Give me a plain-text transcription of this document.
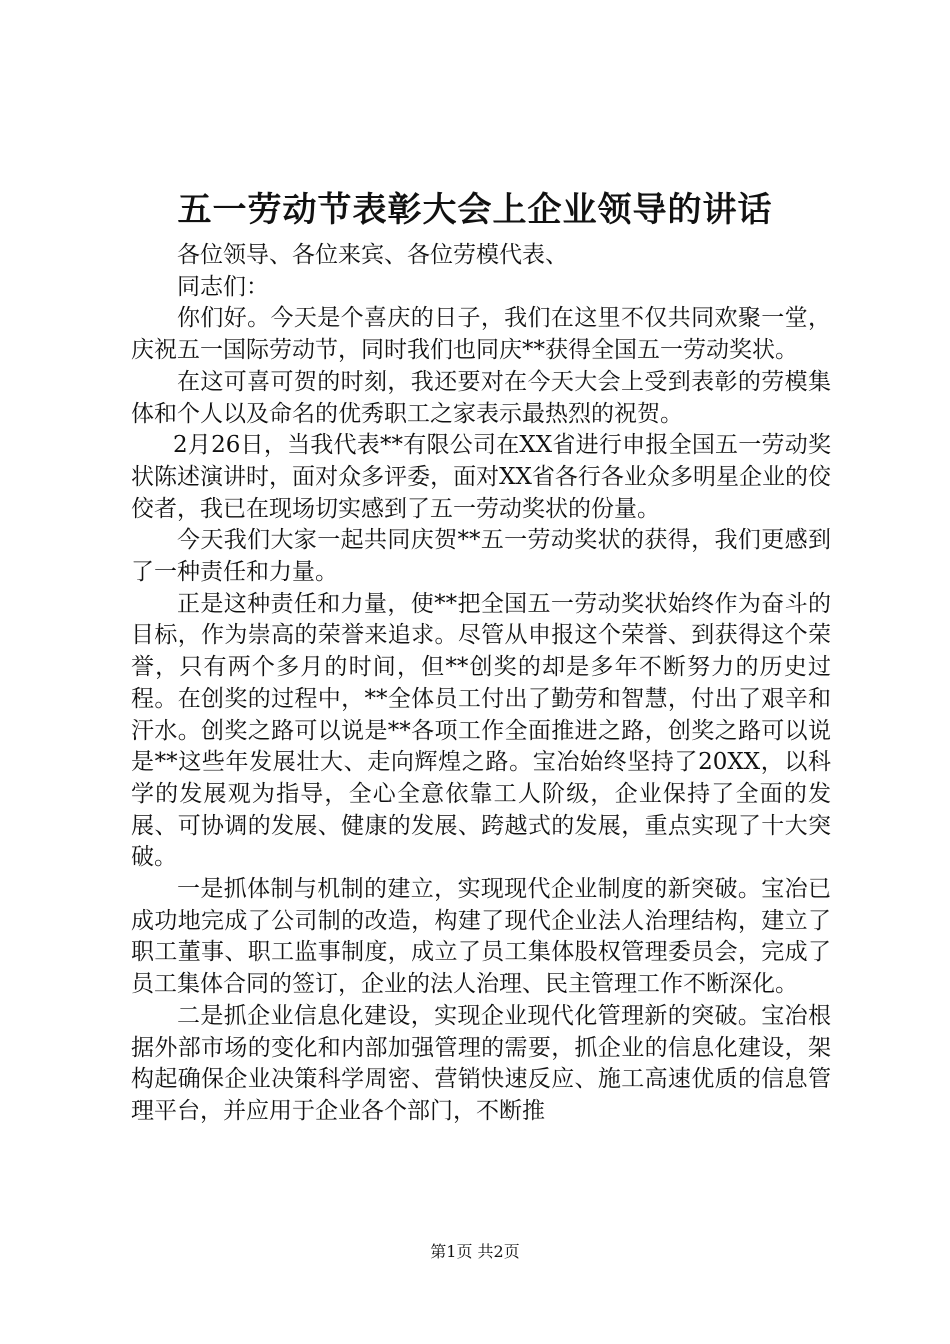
五一劳动节表彰大会上企业领导的讲话

各位领导、各位来宾、各位劳模代表、

同志们：

你们好。今天是个喜庆的日子，我们在这里不仅共同欢聚一堂，庆祝五一国际劳动节，同时我们也同庆**获得全国五一劳动奖状。

在这可喜可贺的时刻，我还要对在今天大会上受到表彰的劳模集体和个人以及命名的优秀职工之家表示最热烈的祝贺。

2月26日，当我代表**有限公司在XX省进行申报全国五一劳动奖状陈述演讲时，面对众多评委，面对XX省各行各业众多明星企业的佼佼者，我已在现场切实感到了五一劳动奖状的份量。

今天我们大家一起共同庆贺**五一劳动奖状的获得，我们更感到了一种责任和力量。

正是这种责任和力量，使**把全国五一劳动奖状始终作为奋斗的目标，作为崇高的荣誉来追求。尽管从申报这个荣誉、到获得这个荣誉，只有两个多月的时间，但**创奖的却是多年不断努力的历史过程。在创奖的过程中，**全体员工付出了勤劳和智慧，付出了艰辛和汗水。创奖之路可以说是**各项工作全面推进之路，创奖之路可以说是**这些年发展壮大、走向辉煌之路。宝冶始终坚持了20XX，以科学的发展观为指导，全心全意依靠工人阶级，企业保持了全面的发展、可协调的发展、健康的发展、跨越式的发展，重点实现了十大突破。

一是抓体制与机制的建立，实现现代企业制度的新突破。宝冶已成功地完成了公司制的改造，构建了现代企业法人治理结构，建立了职工董事、职工监事制度，成立了员工集体股权管理委员会，完成了员工集体合同的签订，企业的法人治理、民主管理工作不断深化。

二是抓企业信息化建设，实现企业现代化管理新的突破。宝冶根据外部市场的变化和内部加强管理的需要，抓企业的信息化建设，架构起确保企业决策科学周密、营销快速反应、施工高速优质的信息管理平台，并应用于企业各个部门，不断推

第1页 共2页
